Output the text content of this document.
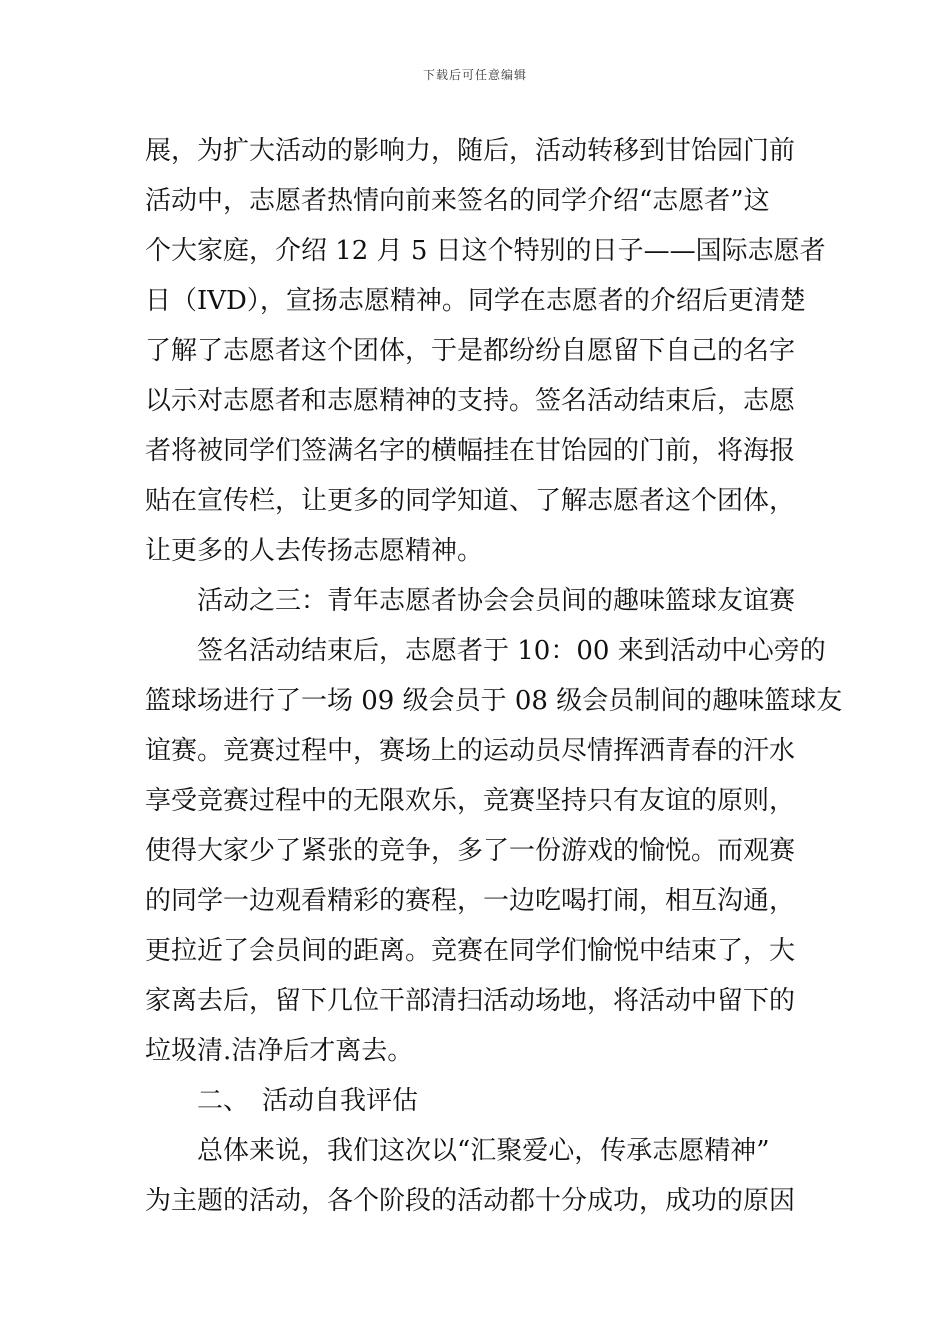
下载后可任意编辑
展，为扩大活动的影响力，随后，活动转移到甘饴园门前
活动中，志愿者热情向前来签名的同学介绍“志愿者”这
个大家庭，介绍 12 月 5 日这个特别的日子——国际志愿者
日（IVD），宣扬志愿精神。同学在志愿者的介绍后更清楚
了解了志愿者这个团体，于是都纷纷自愿留下自己的名字
以示对志愿者和志愿精神的支持。签名活动结束后，志愿
者将被同学们签满名字的横幅挂在甘饴园的门前，将海报
贴在宣传栏，让更多的同学知道、了解志愿者这个团体，
让更多的人去传扬志愿精神。
活动之三：青年志愿者协会会员间的趣味篮球友谊赛
签名活动结束后，志愿者于 10：00 来到活动中心旁的
篮球场进行了一场 09 级会员于 08 级会员制间的趣味篮球友
谊赛。竞赛过程中，赛场上的运动员尽情挥洒青春的汗水
享受竞赛过程中的无限欢乐，竞赛坚持只有友谊的原则，
使得大家少了紧张的竞争，多了一份游戏的愉悦。而观赛
的同学一边观看精彩的赛程，一边吃喝打闹，相互沟通，
更拉近了会员间的距离。竞赛在同学们愉悦中结束了，大
家离去后，留下几位干部清扫活动场地，将活动中留下的
垃圾清.洁净后才离去。
二、　活动自我评估
总体来说，我们这次以“汇聚爱心，传承志愿精神”
为主题的活动，各个阶段的活动都十分成功，成功的原因
